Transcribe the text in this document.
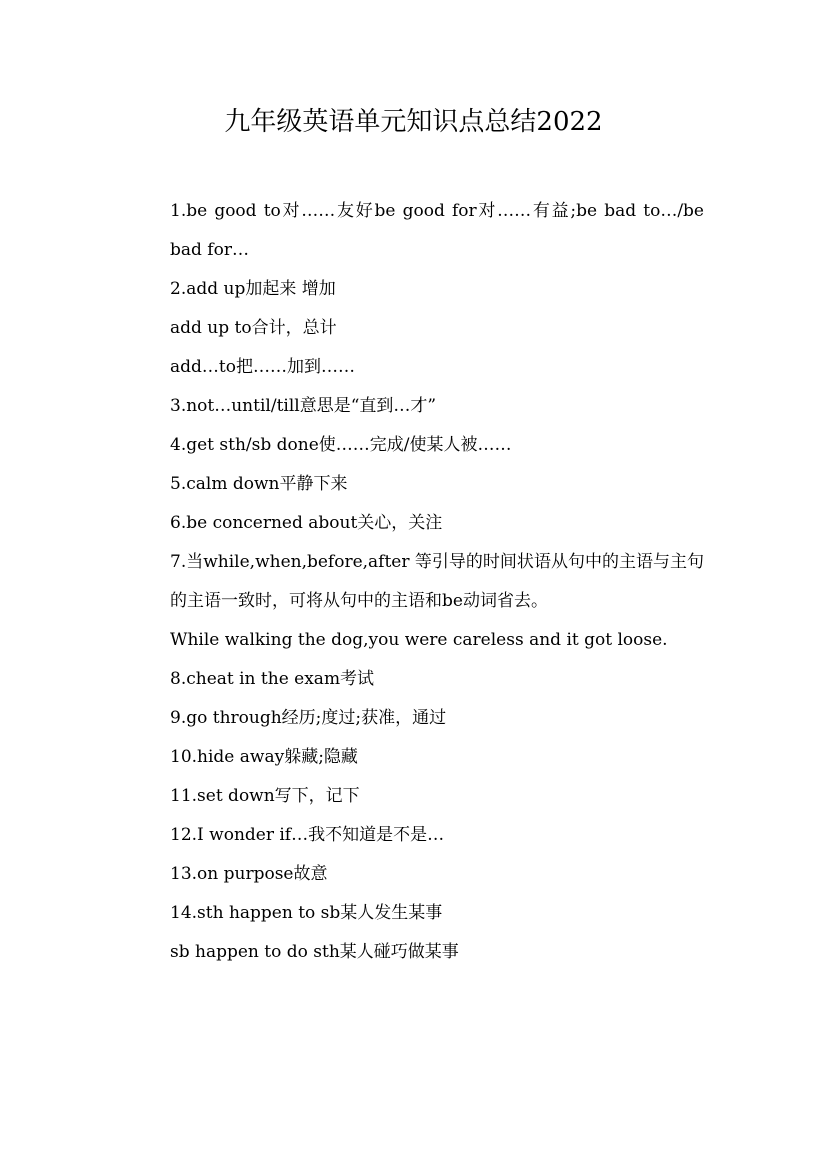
九年级英语单元知识点总结2022

1.be good to对……友好be good for对……有益;be bad to…/be bad for…

2.add up加起来 增加

add up to合计，总计

add…to把……加到……

3.not…until/till意思是“直到…才”

4.get sth/sb done使……完成/使某人被……

5.calm down平静下来

6.be concerned about关心，关注

7.当while,when,before,after 等引导的时间状语从句中的主语与主句的主语一致时，可将从句中的主语和be动词省去。

While walking the dog,you were careless and it got loose.

8.cheat in the exam考试

9.go through经历;度过;获准，通过

10.hide away躲藏;隐藏

11.set down写下，记下

12.I wonder if…我不知道是不是…

13.on purpose故意

14.sth happen to sb某人发生某事

sb happen to do sth某人碰巧做某事
